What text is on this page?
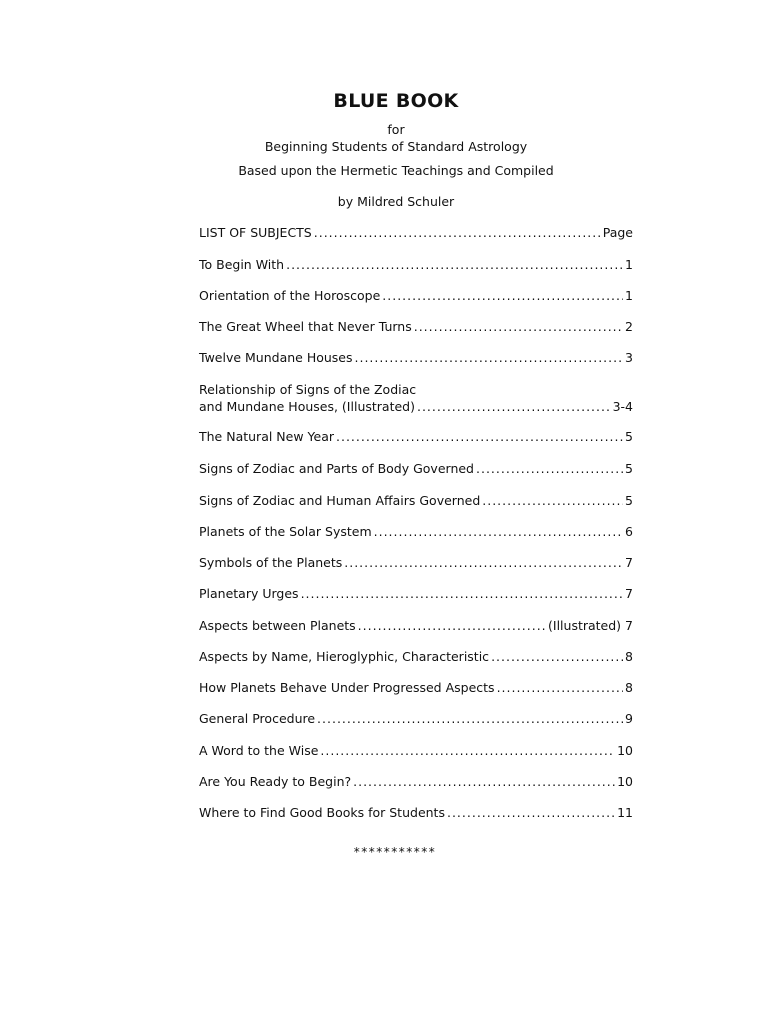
BLUE BOOK
for
Beginning Students of Standard Astrology
Based upon the Hermetic Teachings and Compiled
by Mildred Schuler
LIST OF SUBJECTS .....	Page
To Begin With .....	1
Orientation of the Horoscope .....	1
The Great Wheel that Never Turns .....	2
Twelve Mundane Houses .....	3
Relationship of Signs of the Zodiac
and Mundane Houses, (Illustrated) .....	3-4
The Natural New Year .....	5
Signs of Zodiac and Parts of Body Governed .....	5
Signs of Zodiac and Human Affairs Governed .....	5
Planets of the Solar System .....	6
Symbols of the Planets .....	7
Planetary Urges .....	7
Aspects between Planets .....	(Illustrated) 7
Aspects by Name, Hieroglyphic, Characteristic .....	8
How Planets Behave Under Progressed Aspects .....	8
General Procedure .....	9
A Word to the Wise .....	10
Are You Ready to Begin? .....	10
Where to Find Good Books for Students .....	11
***********
